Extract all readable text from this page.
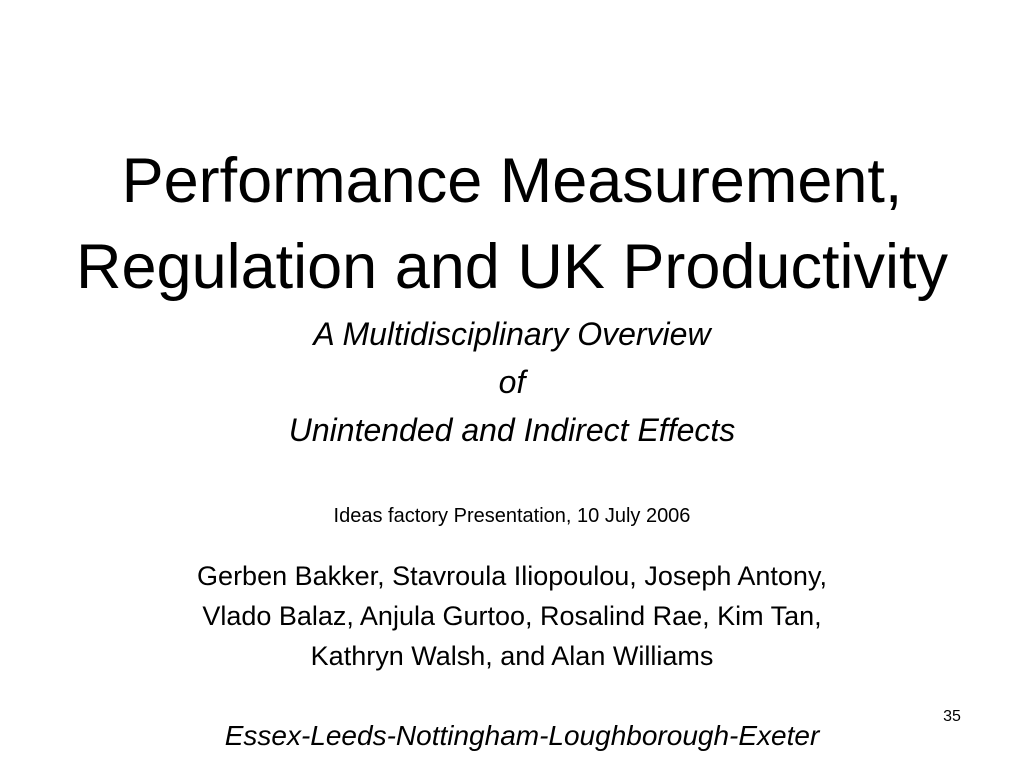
Performance Measurement,
Regulation and UK Productivity
A Multidisciplinary Overview
of
Unintended and Indirect Effects
Ideas factory Presentation, 10 July 2006
Gerben Bakker, Stavroula Iliopoulou, Joseph Antony,
Vlado Balaz, Anjula Gurtoo, Rosalind Rae, Kim Tan,
Kathryn Walsh, and Alan Williams
Essex-Leeds-Nottingham-Loughborough-Exeter
35
